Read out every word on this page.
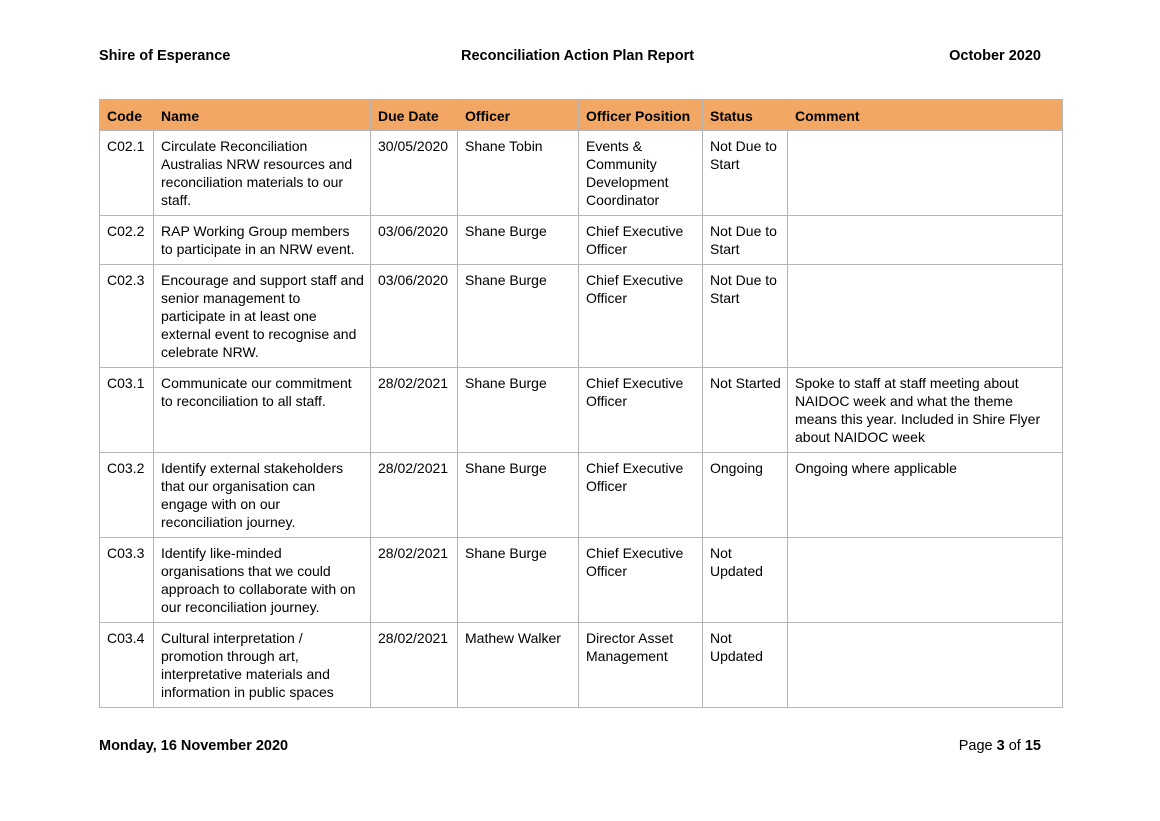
Shire of Esperance	Reconciliation Action Plan Report	October 2020
Code	Name	Due Date	Officer	Officer Position	Status	Comment
C02.1	Circulate Reconciliation Australias NRW resources and reconciliation materials to our staff.	30/05/2020	Shane Tobin	Events & Community Development Coordinator	Not Due to Start	
C02.2	RAP Working Group members to participate in an NRW event.	03/06/2020	Shane Burge	Chief Executive Officer	Not Due to Start	
C02.3	Encourage and support staff and senior management to participate in at least one external event to recognise and celebrate NRW.	03/06/2020	Shane Burge	Chief Executive Officer	Not Due to Start	
C03.1	Communicate our commitment to reconciliation to all staff.	28/02/2021	Shane Burge	Chief Executive Officer	Not Started	Spoke to staff at staff meeting about NAIDOC week and what the theme means this year. Included in Shire Flyer about NAIDOC week
C03.2	Identify external stakeholders that our organisation can engage with on our reconciliation journey.	28/02/2021	Shane Burge	Chief Executive Officer	Ongoing	Ongoing where applicable
C03.3	Identify like-minded organisations that we could approach to collaborate with on our reconciliation journey.	28/02/2021	Shane Burge	Chief Executive Officer	Not Updated	
C03.4	Cultural interpretation / promotion through art, interpretative materials and information in public spaces	28/02/2021	Mathew Walker	Director Asset Management	Not Updated	
Monday, 16 November 2020	Page 3 of 15
